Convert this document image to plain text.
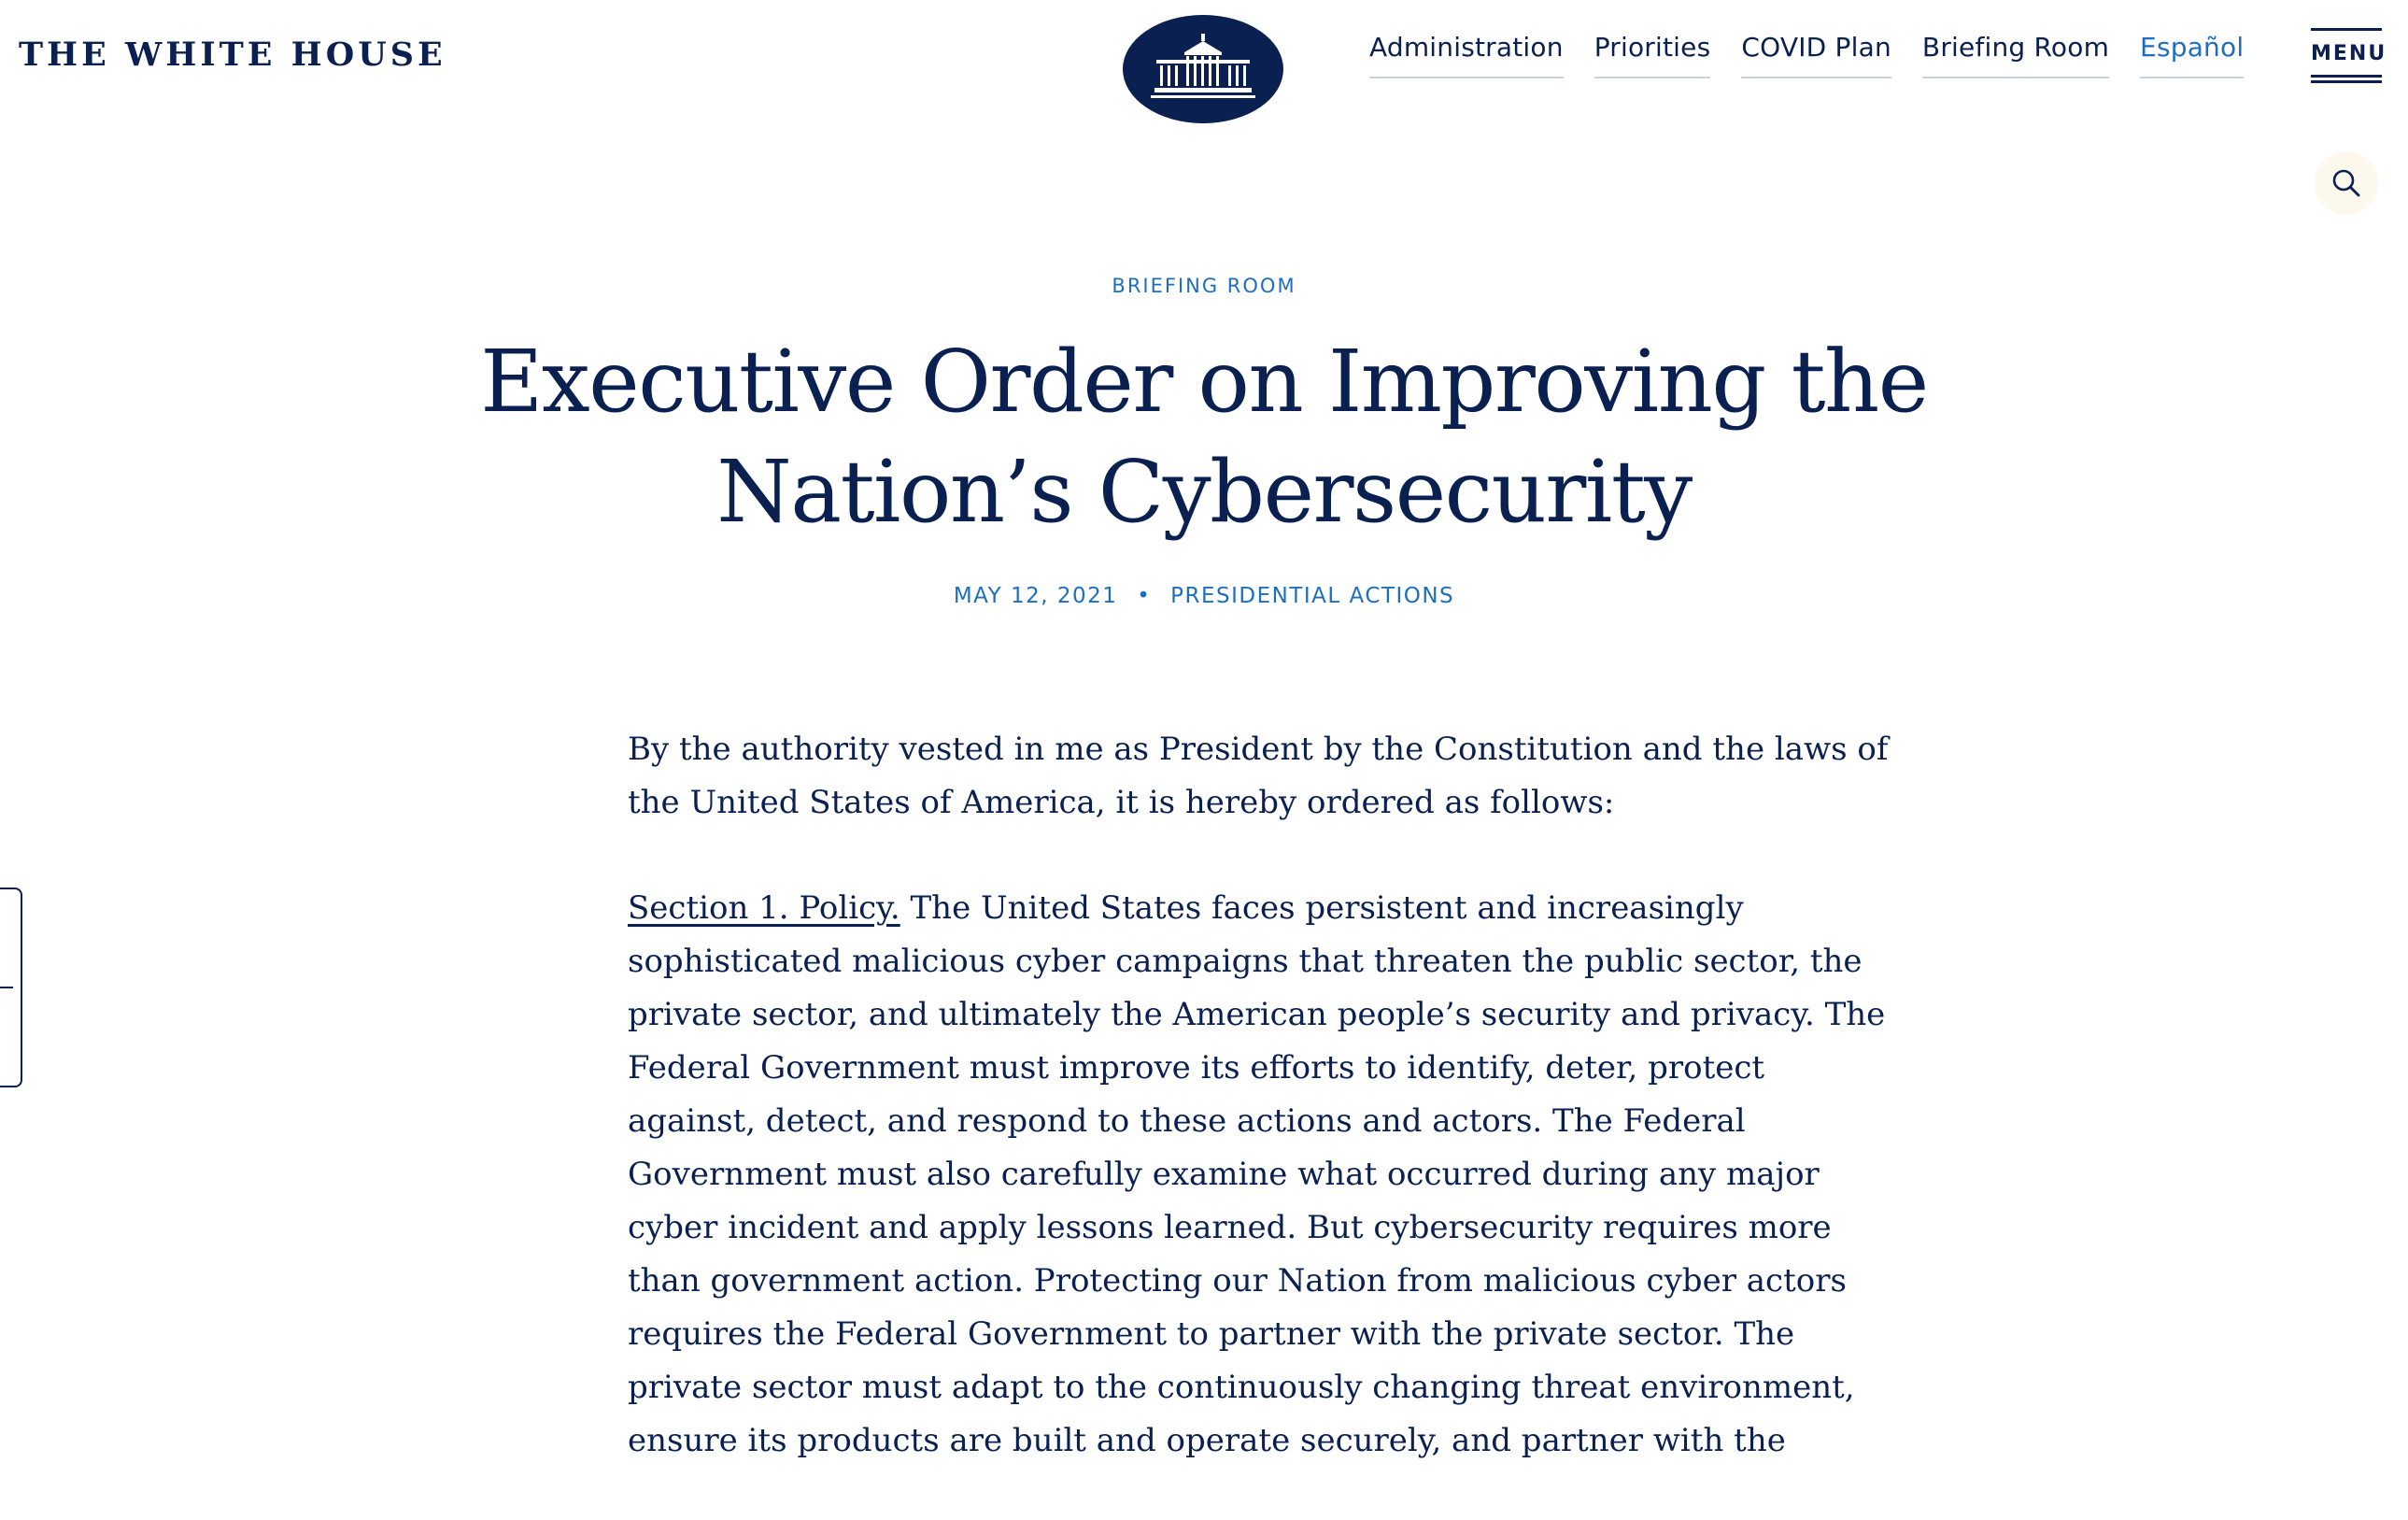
THE WHITE HOUSE	Administration Priorities COVID Plan Briefing Room Español	MENU
BRIEFING ROOM
Executive Order on Improving the
Nation’s Cybersecurity
MAY 12, 2021 • PRESIDENTIAL ACTIONS

By the authority vested in me as President by the Constitution and the laws of
the United States of America, it is hereby ordered as follows:

Section 1. Policy. The United States faces persistent and increasingly
sophisticated malicious cyber campaigns that threaten the public sector, the
private sector, and ultimately the American people’s security and privacy. The
Federal Government must improve its efforts to identify, deter, protect
against, detect, and respond to these actions and actors. The Federal
Government must also carefully examine what occurred during any major
cyber incident and apply lessons learned. But cybersecurity requires more
than government action. Protecting our Nation from malicious cyber actors
requires the Federal Government to partner with the private sector. The
private sector must adapt to the continuously changing threat environment,
ensure its products are built and operate securely, and partner with the
